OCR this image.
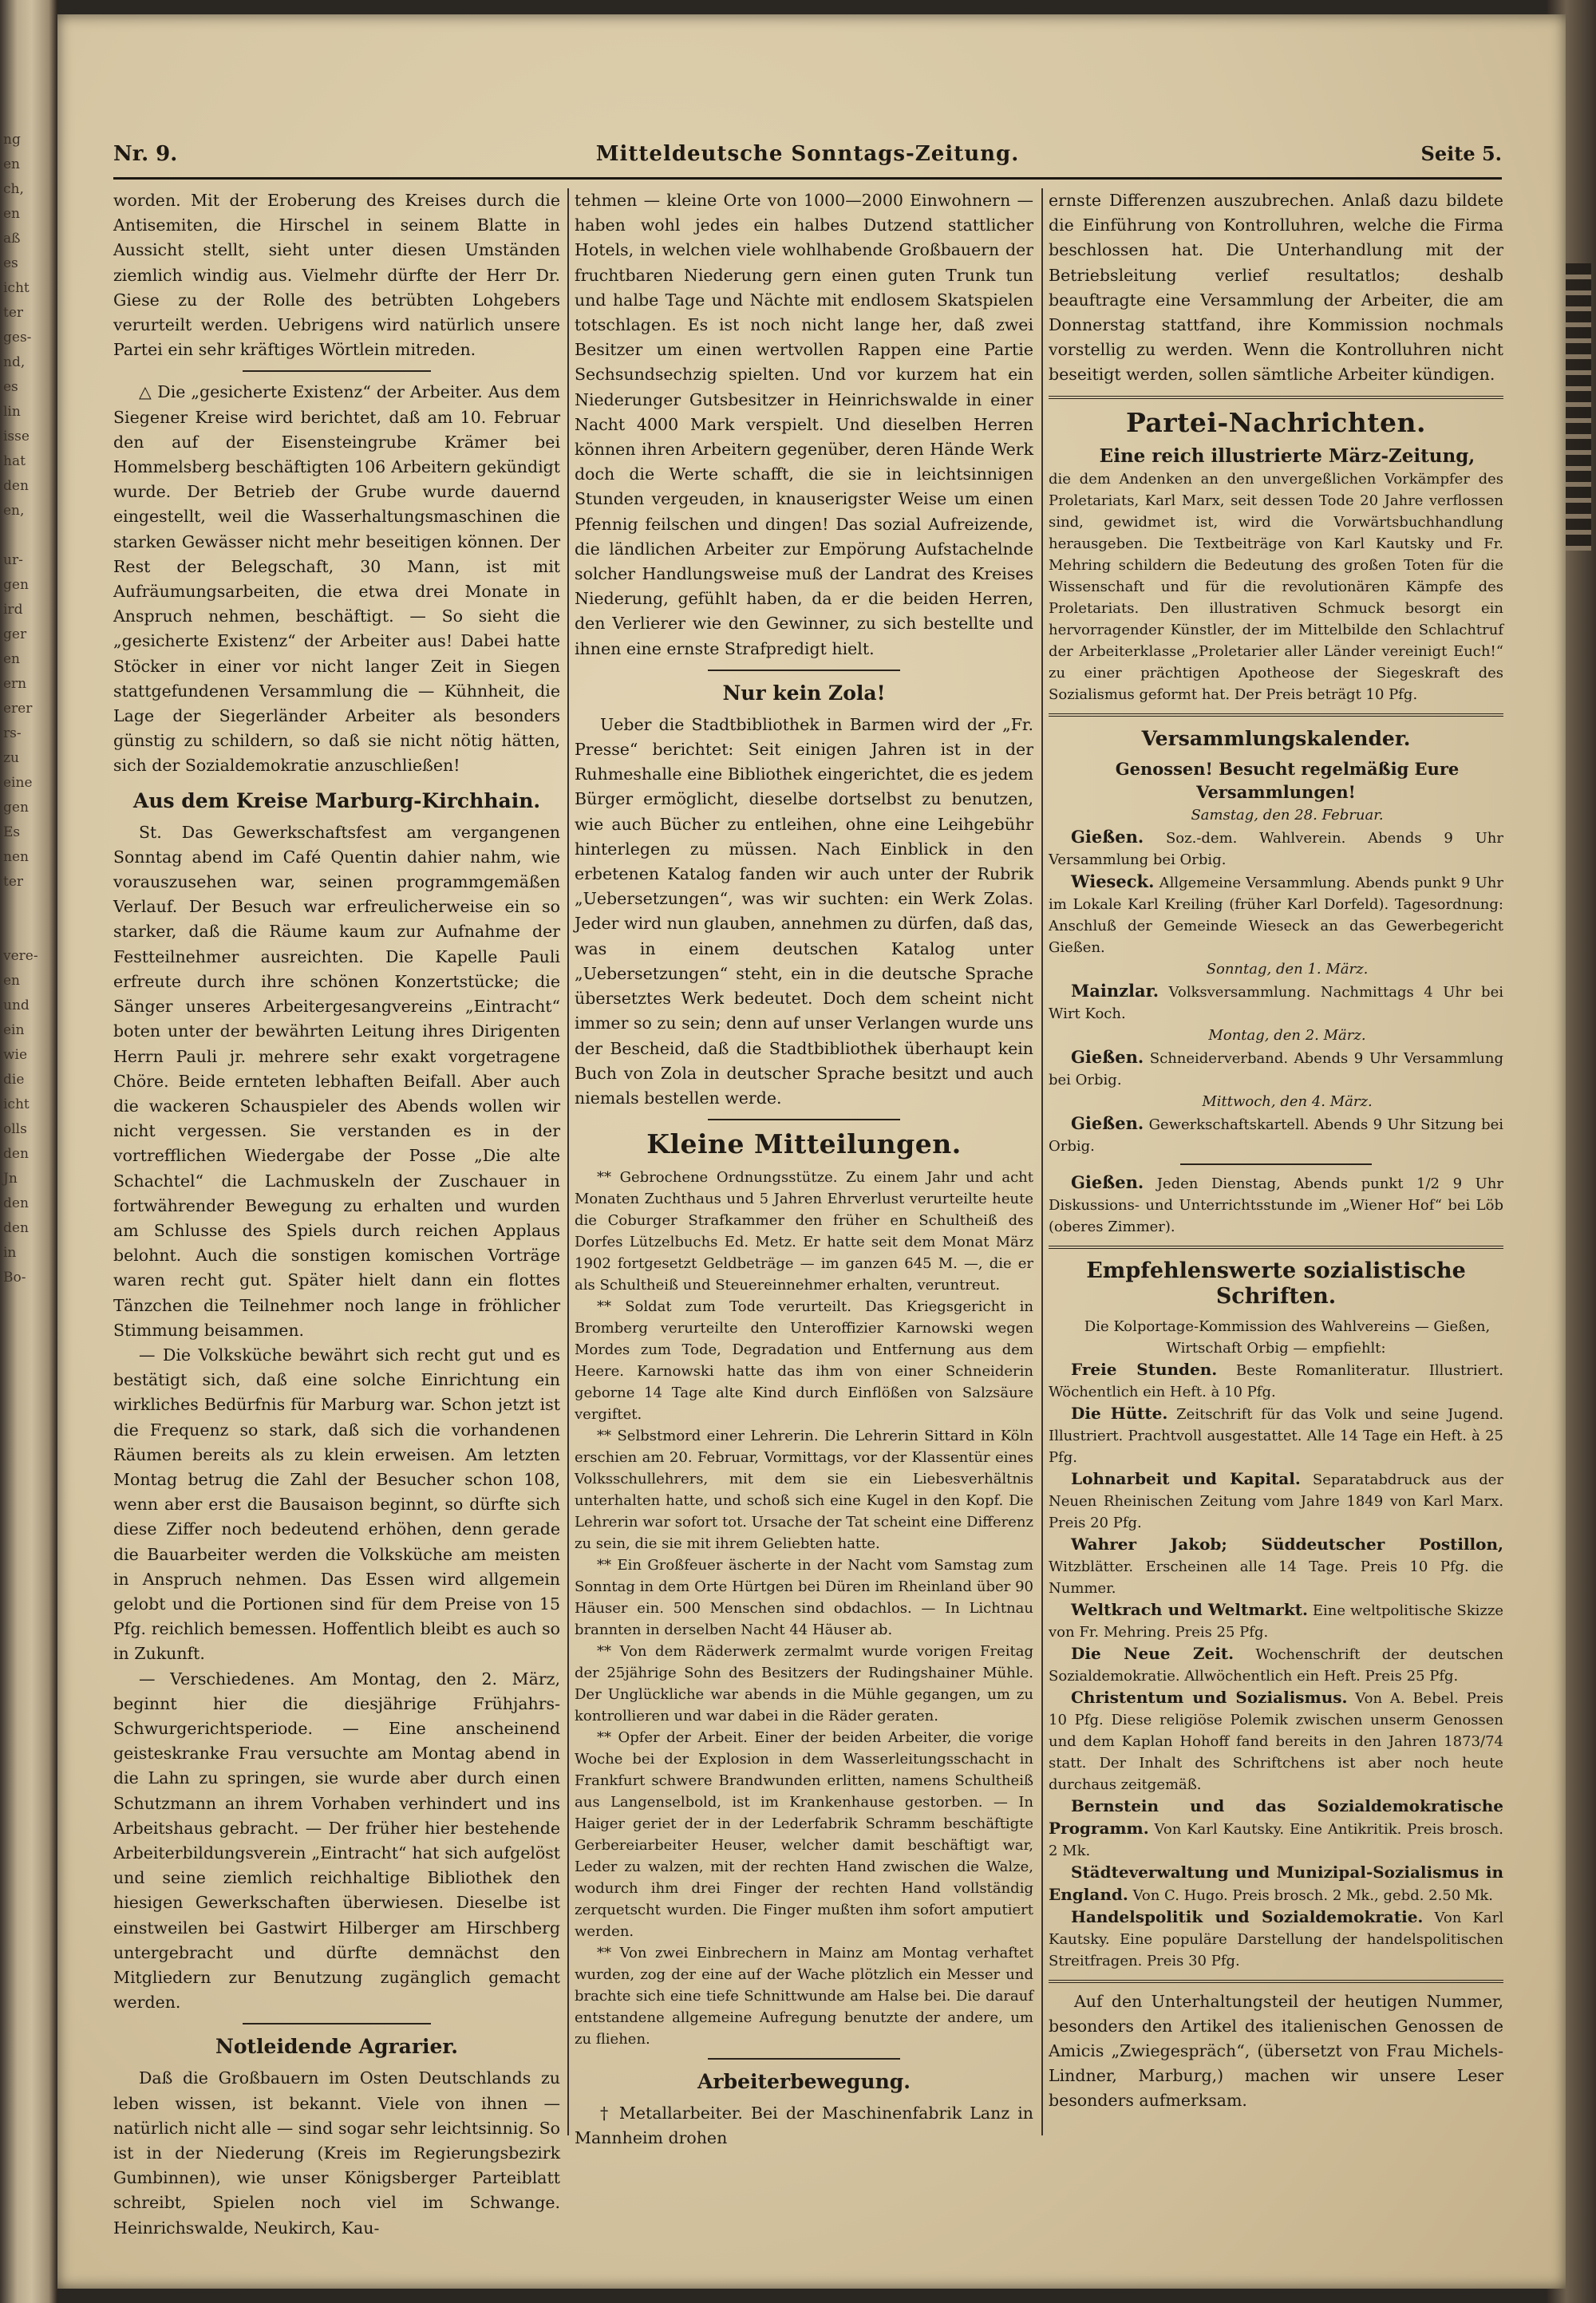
ng
en
ch,
en
aß
es
icht
ter
ges-
nd,
es
lin
isse
hat
den
en,

ur-
gen
ird
ger
en
ern
erer
rs-
zu
eine
gen
Es
nen
ter

vere-
en
und
ein
wie
die
icht
olls
den
Jn
den
den
in
Bo-

Nr. 9.	Mitteldeutsche Sonntags-Zeitung.	Seite 5.

worden. Mit der Eroberung des Kreises durch die Antisemiten, die Hirschel in seinem Blatte in Aussicht stellt, sieht unter diesen Umständen ziemlich windig aus. Vielmehr dürfte der Herr Dr. Giese zu der Rolle des betrübten Lohgebers verurteilt werden. Uebrigens wird natürlich unsere Partei ein sehr kräftiges Wörtlein mitreden.

△ Die „gesicherte Existenz“ der Arbeiter. Aus dem Siegener Kreise wird berichtet, daß am 10. Februar den auf der Eisensteingrube Krämer bei Hommelsberg beschäftigten 106 Arbeitern gekündigt wurde. Der Betrieb der Grube wurde dauernd eingestellt, weil die Wasserhaltungsmaschinen die starken Gewässer nicht mehr beseitigen können. Der Rest der Belegschaft, 30 Mann, ist mit Aufräumungsarbeiten, die etwa drei Monate in Anspruch nehmen, beschäftigt. — So sieht die „gesicherte Existenz“ der Arbeiter aus! Dabei hatte Stöcker in einer vor nicht langer Zeit in Siegen stattgefundenen Versammlung die — Kühnheit, die Lage der Siegerländer Arbeiter als besonders günstig zu schildern, so daß sie nicht nötig hätten, sich der Sozialdemokratie anzuschließen!

Aus dem Kreise Marburg-Kirchhain.

St. Das Gewerkschaftsfest am vergangenen Sonntag abend im Café Quentin dahier nahm, wie vorauszusehen war, seinen programmgemäßen Verlauf. Der Besuch war erfreulicherweise ein so starker, daß die Räume kaum zur Aufnahme der Festteilnehmer ausreichten. Die Kapelle Pauli erfreute durch ihre schönen Konzertstücke; die Sänger unseres Arbeitergesangvereins „Eintracht“ boten unter der bewährten Leitung ihres Dirigenten Herrn Pauli jr. mehrere sehr exakt vorgetragene Chöre. Beide ernteten lebhaften Beifall. Aber auch die wackeren Schauspieler des Abends wollen wir nicht vergessen. Sie verstanden es in der vortrefflichen Wiedergabe der Posse „Die alte Schachtel“ die Lachmuskeln der Zuschauer in fortwährender Bewegung zu erhalten und wurden am Schlusse des Spiels durch reichen Applaus belohnt. Auch die sonstigen komischen Vorträge waren recht gut. Später hielt dann ein flottes Tänzchen die Teilnehmer noch lange in fröhlicher Stimmung beisammen.

— Die Volksküche bewährt sich recht gut und es bestätigt sich, daß eine solche Einrichtung ein wirkliches Bedürfnis für Marburg war. Schon jetzt ist die Frequenz so stark, daß sich die vorhandenen Räumen bereits als zu klein erweisen. Am letzten Montag betrug die Zahl der Besucher schon 108, wenn aber erst die Bausaison beginnt, so dürfte sich diese Ziffer noch bedeutend erhöhen, denn gerade die Bauarbeiter werden die Volksküche am meisten in Anspruch nehmen. Das Essen wird allgemein gelobt und die Portionen sind für dem Preise von 15 Pfg. reichlich bemessen. Hoffentlich bleibt es auch so in Zukunft.

— Verschiedenes. Am Montag, den 2. März, beginnt hier die diesjährige Frühjahrs-Schwurgerichtsperiode. — Eine anscheinend geisteskranke Frau versuchte am Montag abend in die Lahn zu springen, sie wurde aber durch einen Schutzmann an ihrem Vorhaben verhindert und ins Arbeitshaus gebracht. — Der früher hier bestehende Arbeiterbildungsverein „Eintracht“ hat sich aufgelöst und seine ziemlich reichhaltige Bibliothek den hiesigen Gewerkschaften überwiesen. Dieselbe ist einstweilen bei Gastwirt Hilberger am Hirschberg untergebracht und dürfte demnächst den Mitgliedern zur Benutzung zugänglich gemacht werden.

Notleidende Agrarier.

Daß die Großbauern im Osten Deutschlands zu leben wissen, ist bekannt. Viele von ihnen — natürlich nicht alle — sind sogar sehr leichtsinnig. So ist in der Niederung (Kreis im Regierungsbezirk Gumbinnen), wie unser Königsberger Parteiblatt schreibt, Spielen noch viel im Schwange. Heinrichswalde, Neukirch, Kau-

tehmen — kleine Orte von 1000—2000 Einwohnern — haben wohl jedes ein halbes Dutzend stattlicher Hotels, in welchen viele wohlhabende Großbauern der fruchtbaren Niederung gern einen guten Trunk tun und halbe Tage und Nächte mit endlosem Skatspielen totschlagen. Es ist noch nicht lange her, daß zwei Besitzer um einen wertvollen Rappen eine Partie Sechsundsechzig spielten. Und vor kurzem hat ein Niederunger Gutsbesitzer in Heinrichswalde in einer Nacht 4000 Mark verspielt. Und dieselben Herren können ihren Arbeitern gegenüber, deren Hände Werk doch die Werte schafft, die sie in leichtsinnigen Stunden vergeuden, in knauserigster Weise um einen Pfennig feilschen und dingen! Das sozial Aufreizende, die ländlichen Arbeiter zur Empörung Aufstachelnde solcher Handlungsweise muß der Landrat des Kreises Niederung, gefühlt haben, da er die beiden Herren, den Verlierer wie den Gewinner, zu sich bestellte und ihnen eine ernste Strafpredigt hielt.

Nur kein Zola!

Ueber die Stadtbibliothek in Barmen wird der „Fr. Presse“ berichtet: Seit einigen Jahren ist in der Ruhmeshalle eine Bibliothek eingerichtet, die es jedem Bürger ermöglicht, dieselbe dortselbst zu benutzen, wie auch Bücher zu entleihen, ohne eine Leihgebühr hinterlegen zu müssen. Nach Einblick in den erbetenen Katalog fanden wir auch unter der Rubrik „Uebersetzungen“, was wir suchten: ein Werk Zolas. Jeder wird nun glauben, annehmen zu dürfen, daß das, was in einem deutschen Katalog unter „Uebersetzungen“ steht, ein in die deutsche Sprache übersetztes Werk bedeutet. Doch dem scheint nicht immer so zu sein; denn auf unser Verlangen wurde uns der Bescheid, daß die Stadtbibliothek überhaupt kein Buch von Zola in deutscher Sprache besitzt und auch niemals bestellen werde.

Kleine Mitteilungen.

** Gebrochene Ordnungsstütze. Zu einem Jahr und acht Monaten Zuchthaus und 5 Jahren Ehrverlust verurteilte heute die Coburger Strafkammer den früher en Schultheiß des Dorfes Lützelbuchs Ed. Metz. Er hatte seit dem Monat März 1902 fortgesetzt Geldbeträge — im ganzen 645 M. —, die er als Schultheiß und Steuereinnehmer erhalten, veruntreut.

** Soldat zum Tode verurteilt. Das Kriegsgericht in Bromberg verurteilte den Unteroffizier Karnowski wegen Mordes zum Tode, Degradation und Entfernung aus dem Heere. Karnowski hatte das ihm von einer Schneiderin geborne 14 Tage alte Kind durch Einflößen von Salzsäure vergiftet.

** Selbstmord einer Lehrerin. Die Lehrerin Sittard in Köln erschien am 20. Februar, Vormittags, vor der Klassentür eines Volksschullehrers, mit dem sie ein Liebesverhältnis unterhalten hatte, und schoß sich eine Kugel in den Kopf. Die Lehrerin war sofort tot. Ursache der Tat scheint eine Differenz zu sein, die sie mit ihrem Geliebten hatte.

** Ein Großfeuer äscherte in der Nacht vom Samstag zum Sonntag in dem Orte Hürtgen bei Düren im Rheinland über 90 Häuser ein. 500 Menschen sind obdachlos. — In Lichtnau brannten in derselben Nacht 44 Häuser ab.

** Von dem Räderwerk zermalmt wurde vorigen Freitag der 25jährige Sohn des Besitzers der Rudingshainer Mühle. Der Unglückliche war abends in die Mühle gegangen, um zu kontrollieren und war dabei in die Räder geraten.

** Opfer der Arbeit. Einer der beiden Arbeiter, die vorige Woche bei der Explosion in dem Wasserleitungsschacht in Frankfurt schwere Brandwunden erlitten, namens Schultheiß aus Langenselbold, ist im Krankenhause gestorben. — In Haiger geriet der in der Lederfabrik Schramm beschäftigte Gerbereiarbeiter Heuser, welcher damit beschäftigt war, Leder zu walzen, mit der rechten Hand zwischen die Walze, wodurch ihm drei Finger der rechten Hand vollständig zerquetscht wurden. Die Finger mußten ihm sofort amputiert werden.

** Von zwei Einbrechern in Mainz am Montag verhaftet wurden, zog der eine auf der Wache plötzlich ein Messer und brachte sich eine tiefe Schnittwunde am Halse bei. Die darauf entstandene allgemeine Aufregung benutzte der andere, um zu fliehen.

Arbeiterbewegung.

† Metallarbeiter. Bei der Maschinenfabrik Lanz in Mannheim drohen

ernste Differenzen auszubrechen. Anlaß dazu bildete die Einführung von Kontrolluhren, welche die Firma beschlossen hat. Die Unterhandlung mit der Betriebsleitung verlief resultatlos; deshalb beauftragte eine Versammlung der Arbeiter, die am Donnerstag stattfand, ihre Kommission nochmals vorstellig zu werden. Wenn die Kontrolluhren nicht beseitigt werden, sollen sämtliche Arbeiter kündigen.

Partei-Nachrichten.

Eine reich illustrierte März-Zeitung,

die dem Andenken an den unvergeßlichen Vorkämpfer des Proletariats, Karl Marx, seit dessen Tode 20 Jahre verflossen sind, gewidmet ist, wird die Vorwärtsbuchhandlung herausgeben. Die Textbeiträge von Karl Kautsky und Fr. Mehring schildern die Bedeutung des großen Toten für die Wissenschaft und für die revolutionären Kämpfe des Proletariats. Den illustrativen Schmuck besorgt ein hervorragender Künstler, der im Mittelbilde den Schlachtruf der Arbeiterklasse „Proletarier aller Länder vereinigt Euch!“ zu einer prächtigen Apotheose der Siegeskraft des Sozialismus geformt hat. Der Preis beträgt 10 Pfg.

Versammlungskalender.

Genossen! Besucht regelmäßig Eure Versammlungen!

Samstag, den 28. Februar.

Gießen. Soz.-dem. Wahlverein. Abends 9 Uhr Versammlung bei Orbig.

Wieseck. Allgemeine Versammlung. Abends punkt 9 Uhr im Lokale Karl Kreiling (früher Karl Dorfeld). Tagesordnung: Anschluß der Gemeinde Wieseck an das Gewerbegericht Gießen.

Sonntag, den 1. März.

Mainzlar. Volksversammlung. Nachmittags 4 Uhr bei Wirt Koch.

Montag, den 2. März.

Gießen. Schneiderverband. Abends 9 Uhr Versammlung bei Orbig.

Mittwoch, den 4. März.

Gießen. Gewerkschaftskartell. Abends 9 Uhr Sitzung bei Orbig.

Gießen. Jeden Dienstag, Abends punkt 1/2 9 Uhr Diskussions- und Unterrichtsstunde im „Wiener Hof“ bei Löb (oberes Zimmer).

Empfehlenswerte sozialistische Schriften.

Die Kolportage-Kommission des Wahlvereins — Gießen, Wirtschaft Orbig — empfiehlt:

Freie Stunden. Beste Romanliteratur. Illustriert. Wöchentlich ein Heft. à 10 Pfg.

Die Hütte. Zeitschrift für das Volk und seine Jugend. Illustriert. Prachtvoll ausgestattet. Alle 14 Tage ein Heft. à 25 Pfg.

Lohnarbeit und Kapital. Separatabdruck aus der Neuen Rheinischen Zeitung vom Jahre 1849 von Karl Marx. Preis 20 Pfg.

Wahrer Jakob; Süddeutscher Postillon, Witzblätter. Erscheinen alle 14 Tage. Preis 10 Pfg. die Nummer.

Weltkrach und Weltmarkt. Eine weltpolitische Skizze von Fr. Mehring. Preis 25 Pfg.

Die Neue Zeit. Wochenschrift der deutschen Sozialdemokratie. Allwöchentlich ein Heft. Preis 25 Pfg.

Christentum und Sozialismus. Von A. Bebel. Preis 10 Pfg. Diese religiöse Polemik zwischen unserm Genossen und dem Kaplan Hohoff fand bereits in den Jahren 1873/74 statt. Der Inhalt des Schriftchens ist aber noch heute durchaus zeitgemäß.

Bernstein und das Sozialdemokratische Programm. Von Karl Kautsky. Eine Antikritik. Preis brosch. 2 Mk.

Städteverwaltung und Munizipal-Sozialismus in England. Von C. Hugo. Preis brosch. 2 Mk., gebd. 2.50 Mk.

Handelspolitik und Sozialdemokratie. Von Karl Kautsky. Eine populäre Darstellung der handelspolitischen Streitfragen. Preis 30 Pfg.

Auf den Unterhaltungsteil der heutigen Nummer, besonders den Artikel des italienischen Genossen de Amicis „Zwiegespräch“, (übersetzt von Frau Michels-Lindner, Marburg,) machen wir unsere Leser besonders aufmerksam.
